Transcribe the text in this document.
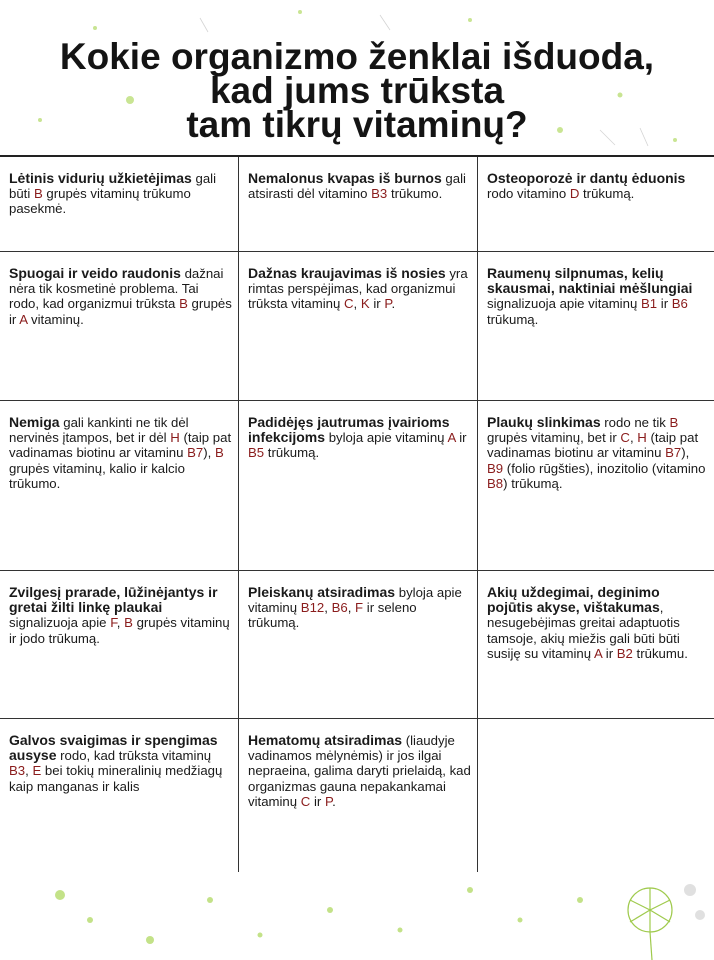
Kokie organizmo ženklai išduoda,
kad jums trūksta
tam tikrų vitaminų?
Lėtinis vidurių užkietėjimas gali būti B grupės vitaminų trūkumo pasekmė.
Nemalonus kvapas iš burnos gali atsirasti dėl vitamino B3 trūkumo.
Osteoporozė ir dantų ėduonis rodo vitamino D trūkumą.
Spuogai ir veido raudonis dažnai nėra tik kosmetinė problema. Tai rodo, kad organizmui trūksta B grupės ir A vitaminų.
Dažnas kraujavimas iš nosies yra rimtas perspėjimas, kad organizmui trūksta vitaminų C, K ir P.
Raumenų silpnumas, kelių skausmai, naktiniai mėšlungiai signalizuoja apie vitaminų B1 ir B6 trūkumą.
Nemiga gali kankinti ne tik dėl nervinės įtampos, bet ir dėl H (taip pat vadinamas biotinu ar vitaminu B7), B grupės vitaminų, kalio ir kalcio trūkumo.
Padidėjęs jautrumas įvairioms infekcijoms byloja apie vitaminų A ir B5 trūkumą.
Plaukų slinkimas rodo ne tik B grupės vitaminų, bet ir C, H (taip pat vadinamas biotinu ar vitaminu B7), B9 (folio rūgšties), inozitolio (vitamino B8) trūkumą.
Zvilgesį prarade, lūžinėjantys ir gretai žilti linkę plaukai signalizuoja apie F, B grupės vitaminų ir jodo trūkumą.
Pleiskanų atsiradimas byloja apie vitaminų B12, B6, F ir seleno trūkumą.
Akių uždegimai, deginimo pojūtis akyse, vištakumas, nesugebėjimas greitai adaptuotis tamsoje, akių miežis gali būti būti susiję su vitaminų A ir B2 trūkumu.
Galvos svaigimas ir spengimas ausyse rodo, kad trūksta vitaminų B3, E bei tokių mineralinių medžiagų kaip manganas ir kalis
Hematomų atsiradimas (liaudyje vadinamos mėlynėmis) ir jos ilgai nepraeina, galima daryti prielaidą, kad organizmas gauna nepakankamai vitaminų C ir P.
